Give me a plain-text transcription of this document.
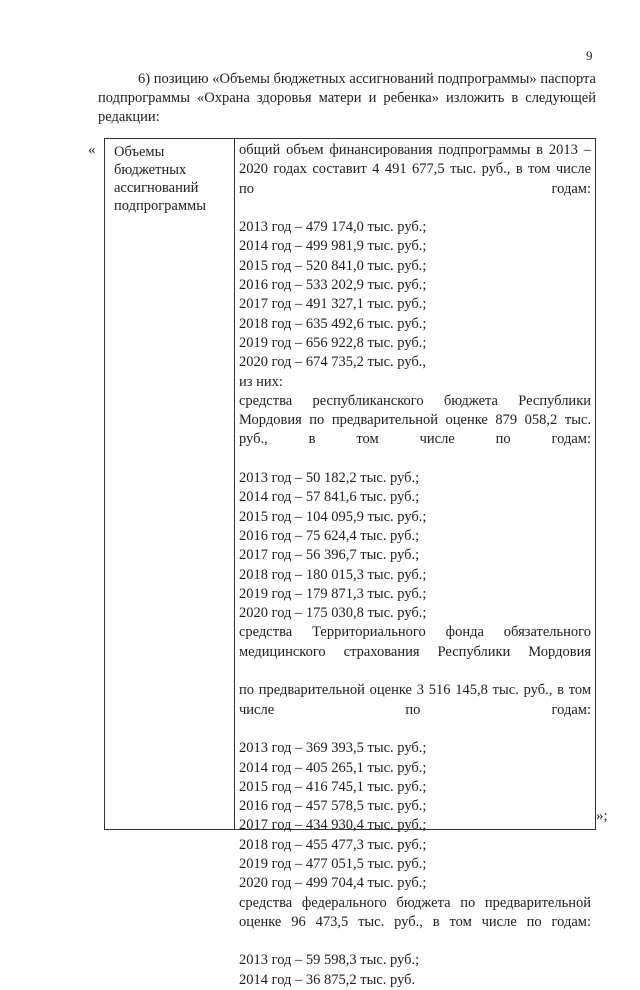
9

6) позицию «Объемы бюджетных ассигнований подпрограммы» паспорта подпрограммы «Охрана здоровья матери и ребенка» изложить в следующей редакции:

«	Объемы бюджетных ассигнований подпрограммы
общий объем финансирования подпрограммы в 2013 – 2020 годах составит 4 491 677,5 тыс. руб., в том числе по годам:
2013 год – 479 174,0 тыс. руб.;
2014 год – 499 981,9 тыс. руб.;
2015 год – 520 841,0 тыс. руб.;
2016 год – 533 202,9 тыс. руб.;
2017 год – 491 327,1 тыс. руб.;
2018 год – 635 492,6 тыс. руб.;
2019 год – 656 922,8 тыс. руб.;
2020 год – 674 735,2 тыс. руб.,
из них:
средства республиканского бюджета Республики Мордовия по предварительной оценке 879 058,2 тыс. руб., в том числе по годам:
2013 год – 50 182,2 тыс. руб.;
2014 год – 57 841,6 тыс. руб.;
2015 год – 104 095,9 тыс. руб.;
2016 год – 75 624,4 тыс. руб.;
2017 год – 56 396,7 тыс. руб.;
2018 год – 180 015,3 тыс. руб.;
2019 год – 179 871,3 тыс. руб.;
2020 год – 175 030,8 тыс. руб.;
средства Территориального фонда обязательного медицинского страхования Республики Мордовия
по предварительной оценке 3 516 145,8 тыс. руб., в том числе по годам:
2013 год – 369 393,5 тыс. руб.;
2014 год – 405 265,1 тыс. руб.;
2015 год – 416 745,1 тыс. руб.;
2016 год – 457 578,5 тыс. руб.;
2017 год – 434 930,4 тыс. руб.;
2018 год – 455 477,3 тыс. руб.;
2019 год – 477 051,5 тыс. руб.;
2020 год – 499 704,4 тыс. руб.;
средства федерального бюджета по предварительной оценке 96 473,5 тыс. руб., в том числе по годам:
2013 год – 59 598,3 тыс. руб.;
2014 год – 36 875,2 тыс. руб.
»;
